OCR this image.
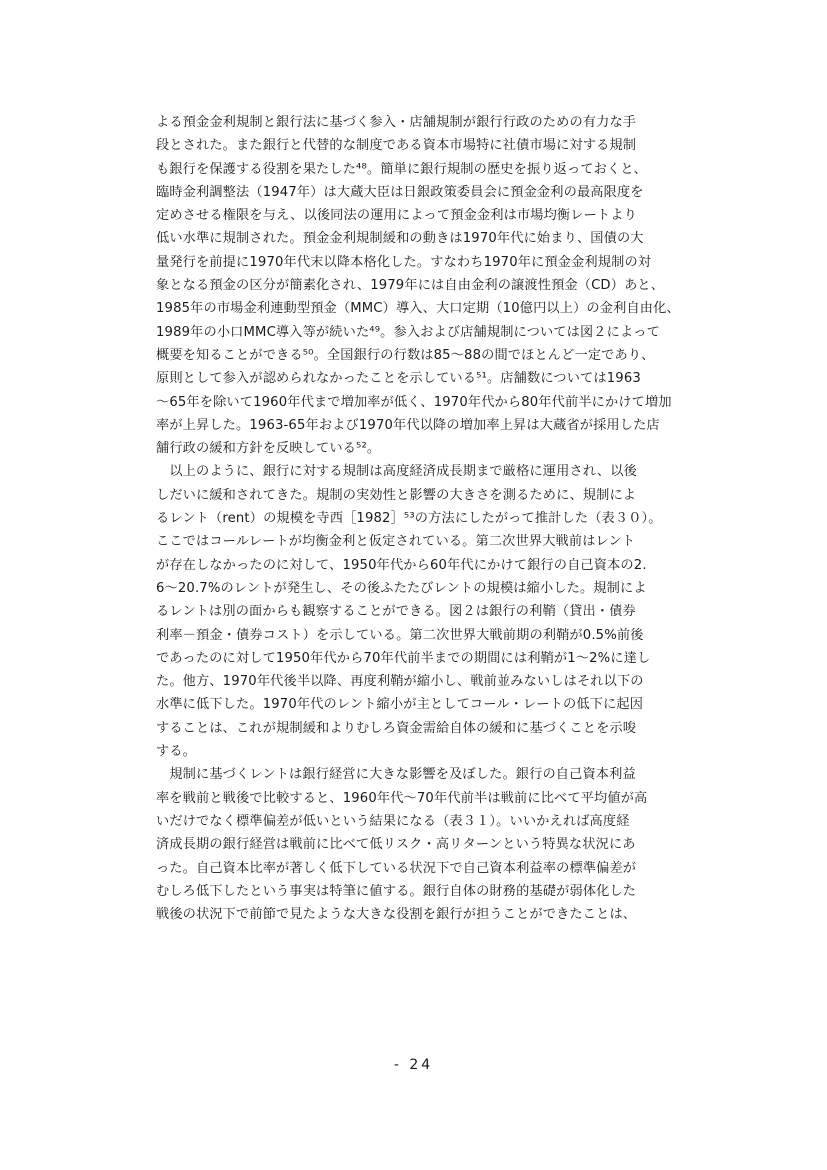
よる預金金利規制と銀行法に基づく参入・店舗規制が銀行行政のための有力な手
段とされた。また銀行と代替的な制度である資本市場特に社債市場に対する規制
も銀行を保護する役割を果たした⁴⁸。簡単に銀行規制の歴史を振り返っておくと、
臨時金利調整法（1947年）は大蔵大臣は日銀政策委員会に預金金利の最高限度を
定めさせる権限を与え、以後同法の運用によって預金金利は市場均衡レートより
低い水準に規制された。預金金利規制緩和の動きは1970年代に始まり、国債の大
量発行を前提に1970年代末以降本格化した。すなわち1970年に預金金利規制の対
象となる預金の区分が簡素化され、1979年には自由金利の譲渡性預金（CD）あと、
1985年の市場金利連動型預金（MMC）導入、大口定期（10億円以上）の金利自由化、
1989年の小口MMC導入等が続いた⁴⁹。参入および店舗規制については図２によって
概要を知ることができる⁵⁰。全国銀行の行数は85～88の間でほとんど一定であり、
原則として参入が認められなかったことを示している⁵¹。店舗数については1963
～65年を除いて1960年代まで増加率が低く、1970年代から80年代前半にかけて増加
率が上昇した。1963-65年および1970年代以降の増加率上昇は大蔵省が採用した店
舗行政の緩和方針を反映している⁵²。
　以上のように、銀行に対する規制は高度経済成長期まで厳格に運用され、以後
しだいに緩和されてきた。規制の実効性と影響の大きさを測るために、規制によ
るレント（rent）の規模を寺西［1982］⁵³の方法にしたがって推計した（表３０）。
ここではコールレートが均衡金利と仮定されている。第二次世界大戦前はレント
が存在しなかったのに対して、1950年代から60年代にかけて銀行の自己資本の2.
6～20.7%のレントが発生し、その後ふたたびレントの規模は縮小した。規制によ
るレントは別の面からも観察することができる。図２は銀行の利鞘（貸出・債券
利率－預金・債券コスト）を示している。第二次世界大戦前期の利鞘が0.5%前後
であったのに対して1950年代から70年代前半までの期間には利鞘が1～2%に達し
た。他方、1970年代後半以降、再度利鞘が縮小し、戦前並みないしはそれ以下の
水準に低下した。1970年代のレント縮小が主としてコール・レートの低下に起因
することは、これが規制緩和よりむしろ資金需給自体の緩和に基づくことを示唆
する。
　規制に基づくレントは銀行経営に大きな影響を及ぼした。銀行の自己資本利益
率を戦前と戦後で比較すると、1960年代～70年代前半は戦前に比べて平均値が高
いだけでなく標準偏差が低いという結果になる（表３１）。いいかえれば高度経
済成長期の銀行経営は戦前に比べて低リスク・高リターンという特異な状況にあ
った。自己資本比率が著しく低下している状況下で自己資本利益率の標準偏差が
むしろ低下したという事実は特筆に値する。銀行自体の財務的基礎が弱体化した
戦後の状況下で前節で見たような大きな役割を銀行が担うことができたことは、
- 24
